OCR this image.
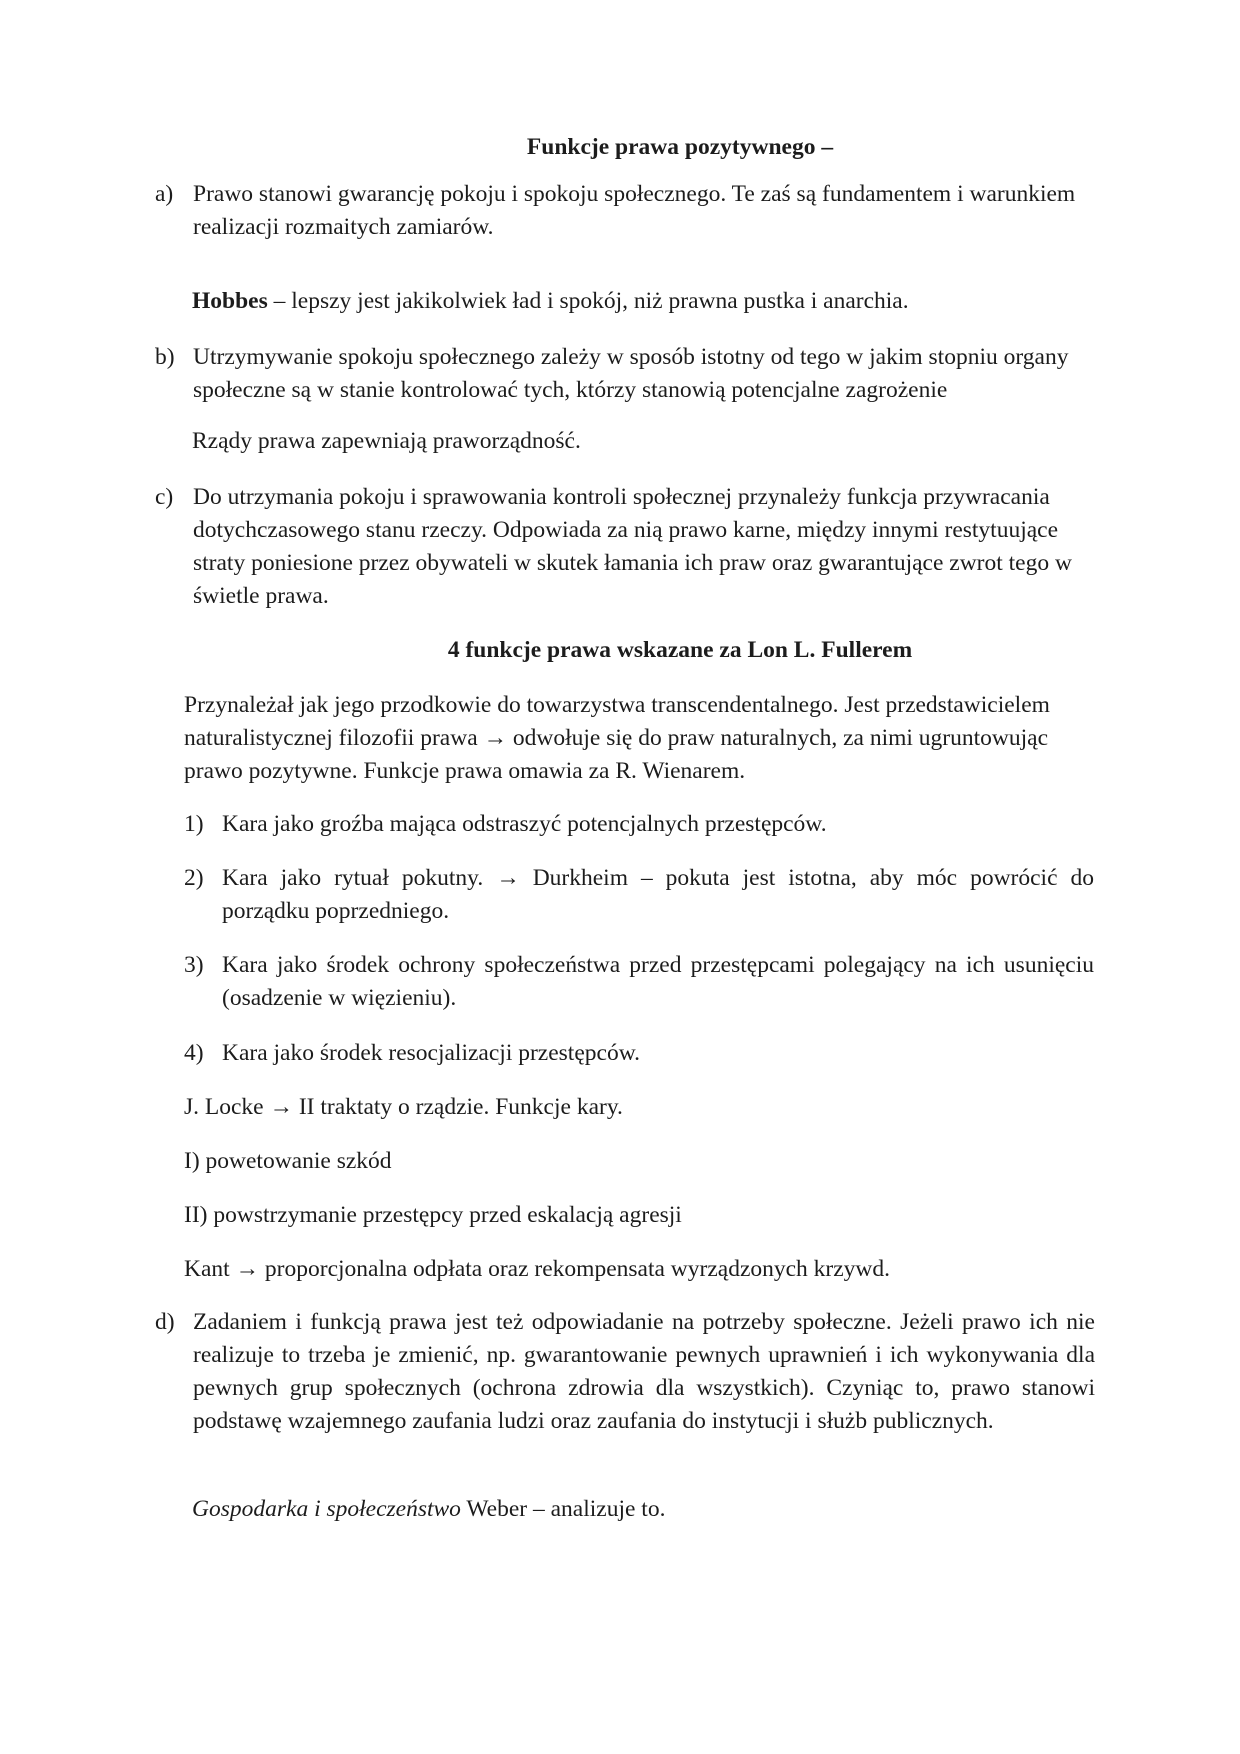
Funkcje prawa pozytywnego –

a) Prawo stanowi gwarancję pokoju i spokoju społecznego. Te zaś są fundamentem i warunkiem realizacji rozmaitych zamiarów.
Hobbes – lepszy jest jakikolwiek ład i spokój, niż prawna pustka i anarchia.
b) Utrzymywanie spokoju społecznego zależy w sposób istotny od tego w jakim stopniu organy społeczne są w stanie kontrolować tych, którzy stanowią potencjalne zagrożenie
Rządy prawa zapewniają praworządność.
c) Do utrzymania pokoju i sprawowania kontroli społecznej przynależy funkcja przywracania dotychczasowego stanu rzeczy. Odpowiada za nią prawo karne, między innymi restytuujące straty poniesione przez obywateli w skutek łamania ich praw oraz gwarantujące zwrot tego w świetle prawa.

4 funkcje prawa wskazane za Lon L. Fullerem

Przynależał jak jego przodkowie do towarzystwa transcendentalnego. Jest przedstawicielem naturalistycznej filozofii prawa → odwołuje się do praw naturalnych, za nimi ugruntowując prawo pozytywne. Funkcje prawa omawia za R. Wienarem.
1) Kara jako groźba mająca odstraszyć potencjalnych przestępców.
2) Kara jako rytuał pokutny. → Durkheim – pokuta jest istotna, aby móc powrócić do porządku poprzedniego.
3) Kara jako środek ochrony społeczeństwa przed przestępcami polegający na ich usunięciu (osadzenie w więzieniu).
4) Kara jako środek resocjalizacji przestępców.
J. Locke → II traktaty o rządzie. Funkcje kary.
I) powetowanie szkód
II) powstrzymanie przestępcy przed eskalacją agresji
Kant → proporcjonalna odpłata oraz rekompensata wyrządzonych krzywd.
d) Zadaniem i funkcją prawa jest też odpowiadanie na potrzeby społeczne. Jeżeli prawo ich nie realizuje to trzeba je zmienić, np. gwarantowanie pewnych uprawnień i ich wykonywania dla pewnych grup społecznych (ochrona zdrowia dla wszystkich). Czyniąc to, prawo stanowi podstawę wzajemnego zaufania ludzi oraz zaufania do instytucji i służb publicznych.
Gospodarka i społeczeństwo Weber – analizuje to.
